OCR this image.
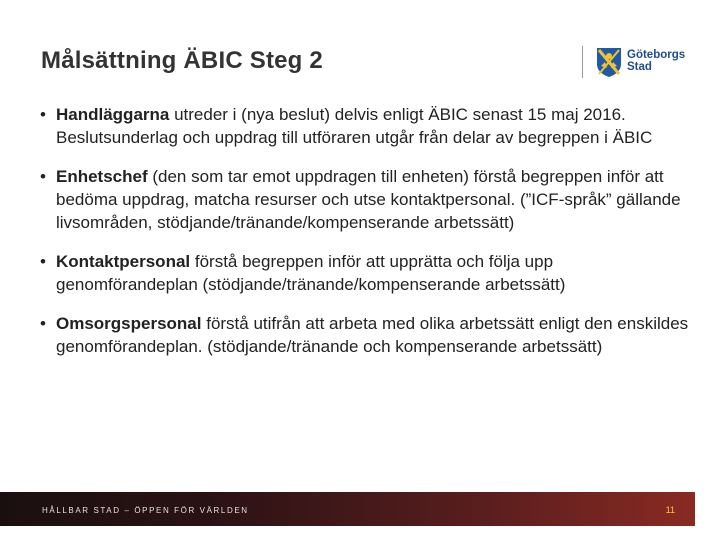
Målsättning ÄBIC Steg 2	Göteborgs
Stad
• Handläggarna utreder i (nya beslut) delvis enligt ÄBIC senast 15 maj 2016. Beslutsunderlag och uppdrag till utföraren utgår från delar av begreppen i ÄBIC
• Enhetschef (den som tar emot uppdragen till enheten) förstå begreppen inför att bedöma uppdrag, matcha resurser och utse kontaktpersonal. (”ICF-språk” gällande livsområden, stödjande/tränande/kompenserande arbetssätt)
• Kontaktpersonal förstå begreppen inför att upprätta och följa upp genomförandeplan (stödjande/tränande/kompenserande arbetssätt)
• Omsorgspersonal förstå utifrån att arbeta med olika arbetssätt enligt den enskildes genomförandeplan. (stödjande/tränande och kompenserande arbetssätt)
HÅLLBAR STAD – ÖPPEN FÖR VÄRLDEN	11
